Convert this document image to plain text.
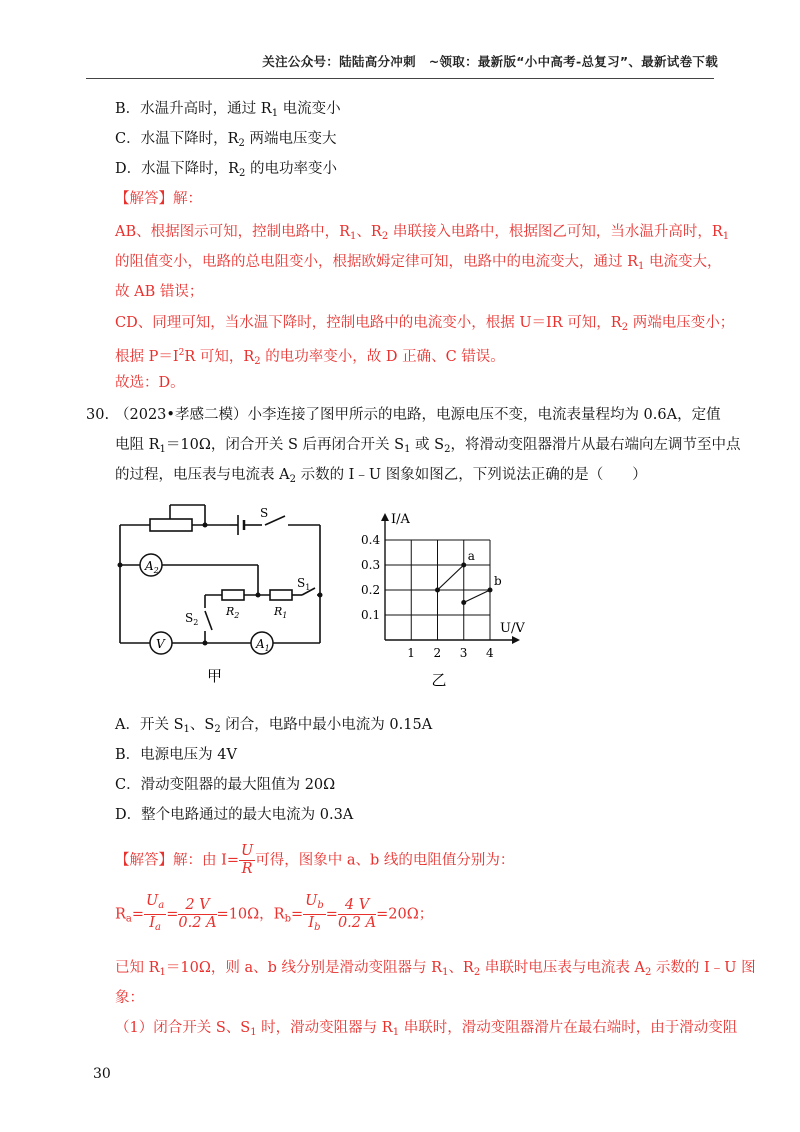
关注公众号：陆陆高分冲刺　~领取：最新版“小中高考-总复习”、最新试卷下载
B．水温升高时，通过 $R_1$ 电流变小
C．水温下降时，$R_2$ 两端电压变大
D．水温下降时，$R_2$ 的电功率变小
【解答】解：
AB、根据图示可知，控制电路中，$R_1$、$R_2$ 串联接入电路中，根据图乙可知，当水温升高时，$R_1$
的阻值变小，电路的总电阻变小，根据欧姆定律可知，电路中的电流变大，通过 $R_1$ 电流变大，
故 AB 错误；
CD、同理可知，当水温下降时，控制电路中的电流变小，根据 U＝IR 可知，$R_2$ 两端电压变小；
根据 $P=I^2R$ 可知，$R_2$ 的电功率变小，故 D 正确、C 错误。
故选：D。
30. （2023•孝感二模）小李连接了图甲所示的电路，电源电压不变，电流表量程均为 0.6A，定值
电阻 $R_1=10\Omega$，闭合开关 S 后再闭合开关 $S_1$ 或 $S_2$，将滑动变阻器滑片从最右端向左调节至中点
的过程，电压表与电流表 $A_2$ 示数的 I﹣U 图象如图乙，下列说法正确的是（　　）
$A_2$
V	$A_1$
S
$S_1$
$S_2$
$R_2$	$R_1$
甲
1 2 3 4
0.1
0.2
0.3
0.4
a
b
I/A
U/V
乙
A．开关 $S_1$、$S_2$ 闭合，电路中最小电流为 0.15A
B．电源电压为 4V
C．滑动变阻器的最大阻值为 20Ω
D．整个电路通过的最大电流为 0.3A
【解答】解：由 $I= \frac{U}{R}$ 可得，图象中 a、b 线的电阻值分别为：
$R_a= \frac{U_a}{I_a} = \frac{2 V}{0.2 A} =10\Omega$，$R_b= \frac{U_b}{I_b} = \frac{4 V}{0.2 A} =20\Omega$；
已知 $R_1=10\Omega$，则 a、b 线分别是滑动变阻器与 $R_1$、$R_2$ 串联时电压表与电流表 $A_2$ 示数的 I﹣U 图
象：
（1）闭合开关 S、$S_1$ 时，滑动变阻器与 $R_1$ 串联时，滑动变阻器滑片在最右端时，由于滑动变阻
30
